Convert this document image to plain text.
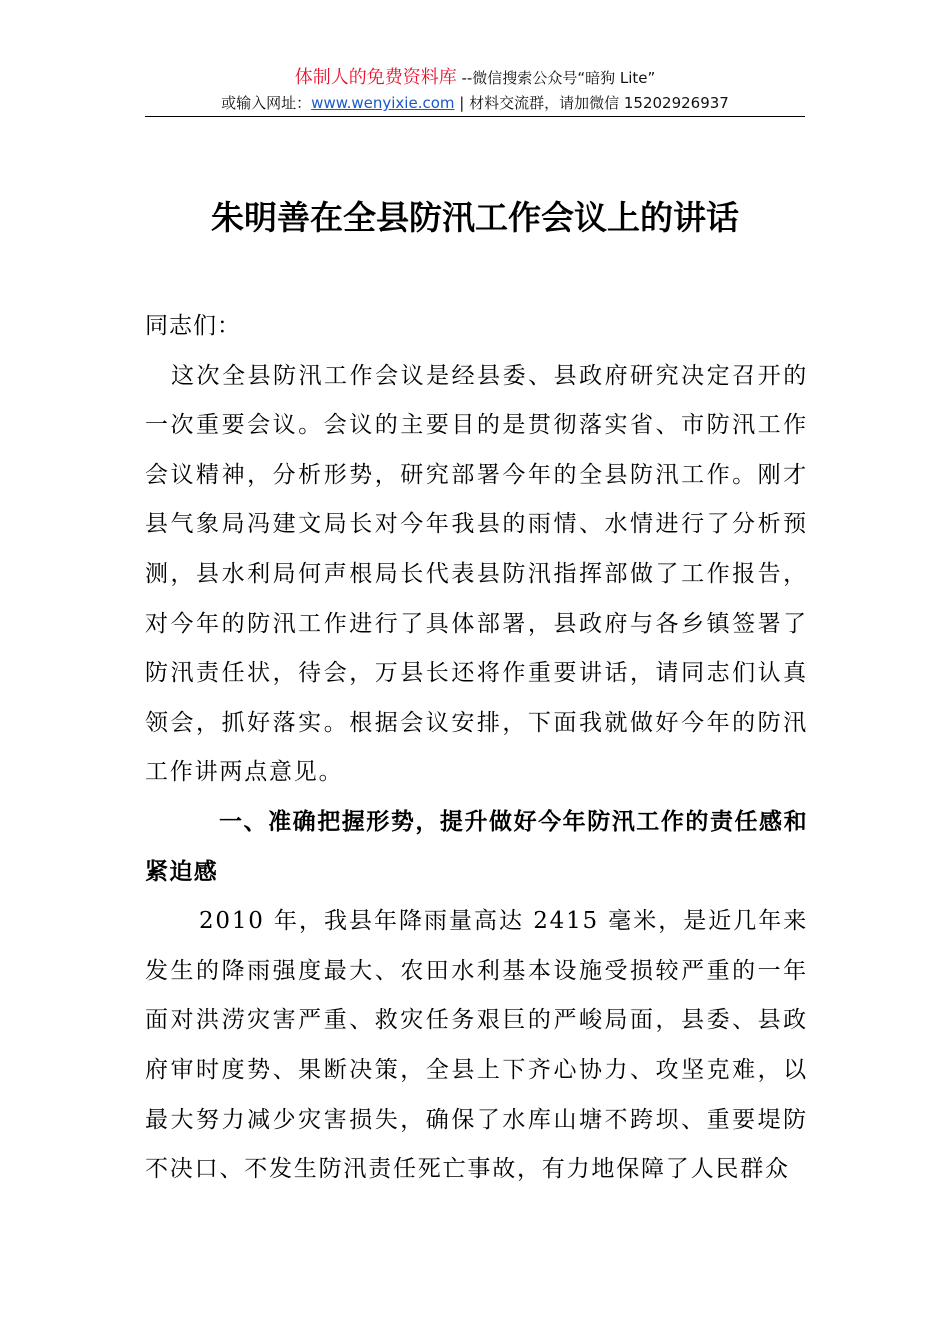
体制人的免费资料库 --微信搜索公众号“暗狗 Lite”
或输入网址：www.wenyixie.com | 材料交流群，请加微信 15202926937
朱明善在全县防汛工作会议上的讲话

同志们：

这次全县防汛工作会议是经县委、县政府研究决定召开的一次重要会议。会议的主要目的是贯彻落实省、市防汛工作会议精神，分析形势，研究部署今年的全县防汛工作。刚才县气象局冯建文局长对今年我县的雨情、水情进行了分析预测，县水利局何声根局长代表县防汛指挥部做了工作报告，对今年的防汛工作进行了具体部署，县政府与各乡镇签署了防汛责任状，待会，万县长还将作重要讲话，请同志们认真领会，抓好落实。根据会议安排，下面我就做好今年的防汛工作讲两点意见。

一、准确把握形势，提升做好今年防汛工作的责任感和紧迫感

2010 年，我县年降雨量高达 2415 毫米，是近几年来发生的降雨强度最大、农田水利基本设施受损较严重的一年面对洪涝灾害严重、救灾任务艰巨的严峻局面，县委、县政府审时度势、果断决策，全县上下齐心协力、攻坚克难，以最大努力减少灾害损失，确保了水库山塘不跨坝、重要堤防不决口、不发生防汛责任死亡事故，有力地保障了人民群众
